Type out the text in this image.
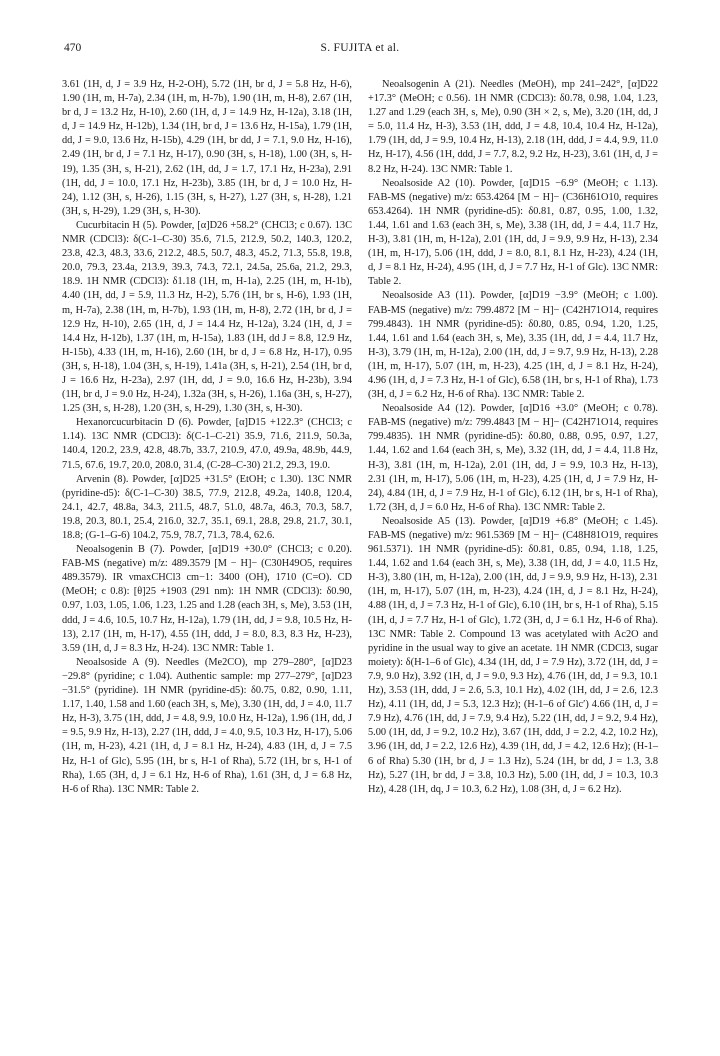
470	S. FUJITA et al.

3.61 (1H, d, J = 3.9 Hz, H-2-OH), 5.72 (1H, br d, J = 5.8 Hz, H-6), 1.90 (1H, m, H-7a), 2.34 (1H, m, H-7b), 1.90 (1H, m, H-8), 2.67 (1H, br d, J = 13.2 Hz, H-10), 2.60 (1H, d, J = 14.9 Hz, H-12a), 3.18 (1H, d, J = 14.9 Hz, H-12b), 1.34 (1H, br d, J = 13.6 Hz, H-15a), 1.79 (1H, dd, J = 9.0, 13.6 Hz, H-15b), 4.29 (1H, br dd, J = 7.1, 9.0 Hz, H-16), 2.49 (1H, br d, J = 7.1 Hz, H-17), 0.90 (3H, s, H-18), 1.00 (3H, s, H-19), 1.35 (3H, s, H-21), 2.62 (1H, dd, J = 1.7, 17.1 Hz, H-23a), 2.91 (1H, dd, J = 10.0, 17.1 Hz, H-23b), 3.85 (1H, br d, J = 10.0 Hz, H-24), 1.12 (3H, s, H-26), 1.15 (3H, s, H-27), 1.27 (3H, s, H-28), 1.21 (3H, s, H-29), 1.29 (3H, s, H-30).

Cucurbitacin H (5). Powder, [α]D26 +58.2° (CHCl3; c 0.67). 13C NMR (CDCl3): δ(C-1–C-30) 35.6, 71.5, 212.9, 50.2, 140.3, 120.2, 23.8, 42.3, 48.3, 33.6, 212.2, 48.5, 50.7, 48.3, 45.2, 71.3, 55.8, 19.8, 20.0, 79.3, 23.4a, 213.9, 39.3, 74.3, 72.1, 24.5a, 25.6a, 21.2, 29.3, 18.9. 1H NMR (CDCl3): δ1.18 (1H, m, H-1a), 2.25 (1H, m, H-1b), 4.40 (1H, dd, J = 5.9, 11.3 Hz, H-2), 5.76 (1H, br s, H-6), 1.93 (1H, m, H-7a), 2.38 (1H, m, H-7b), 1.93 (1H, m, H-8), 2.72 (1H, br d, J = 12.9 Hz, H-10), 2.65 (1H, d, J = 14.4 Hz, H-12a), 3.24 (1H, d, J = 14.4 Hz, H-12b), 1.37 (1H, m, H-15a), 1.83 (1H, dd J = 8.8, 12.9 Hz, H-15b), 4.33 (1H, m, H-16), 2.60 (1H, br d, J = 6.8 Hz, H-17), 0.95 (3H, s, H-18), 1.04 (3H, s, H-19), 1.41a (3H, s, H-21), 2.54 (1H, br d, J = 16.6 Hz, H-23a), 2.97 (1H, dd, J = 9.0, 16.6 Hz, H-23b), 3.94 (1H, br d, J = 9.0 Hz, H-24), 1.32a (3H, s, H-26), 1.16a (3H, s, H-27), 1.25 (3H, s, H-28), 1.20 (3H, s, H-29), 1.30 (3H, s, H-30).

Hexanorcucurbitacin D (6). Powder, [α]D15 +122.3° (CHCl3; c 1.14). 13C NMR (CDCl3): δ(C-1–C-21) 35.9, 71.6, 211.9, 50.3a, 140.4, 120.2, 23.9, 42.8, 48.7b, 33.7, 210.9, 47.0, 49.9a, 48.9b, 44.9, 71.5, 67.6, 19.7, 20.0, 208.0, 31.4, (C-28–C-30) 21.2, 29.3, 19.0.

Arvenin (8). Powder, [α]D25 +31.5° (EtOH; c 1.30). 13C NMR (pyridine-d5): δ(C-1–C-30) 38.5, 77.9, 212.8, 49.2a, 140.8, 120.4, 24.1, 42.7, 48.8a, 34.3, 211.5, 48.7, 51.0, 48.7a, 46.3, 70.3, 58.7, 19.8, 20.3, 80.1, 25.4, 216.0, 32.7, 35.1, 69.1, 28.8, 29.8, 21.7, 30.1, 18.8; (G-1–G-6) 104.2, 75.9, 78.7, 71.3, 78.4, 62.6.

Neoalsogenin B (7). Powder, [α]D19 +30.0° (CHCl3; c 0.20). FAB-MS (negative) m/z: 489.3579 [M − H]− (C30H49O5, requires 489.3579). IR νmaxCHCl3 cm−1: 3400 (OH), 1710 (C=O). CD (MeOH; c 0.8): [θ]25 +1903 (291 nm): 1H NMR (CDCl3): δ0.90, 0.97, 1.03, 1.05, 1.06, 1.23, 1.25 and 1.28 (each 3H, s, Me), 3.53 (1H, ddd, J = 4.6, 10.5, 10.7 Hz, H-12a), 1.79 (1H, dd, J = 9.8, 10.5 Hz, H-13), 2.17 (1H, m, H-17), 4.55 (1H, ddd, J = 8.0, 8.3, 8.3 Hz, H-23), 3.59 (1H, d, J = 8.3 Hz, H-24). 13C NMR: Table 1.

Neoalsoside A (9). Needles (Me2CO), mp 279–280°, [α]D23 −29.8° (pyridine; c 1.04). Authentic sample: mp 277–279°, [α]D23 −31.5° (pyridine). 1H NMR (pyridine-d5): δ0.75, 0.82, 0.90, 1.11, 1.17, 1.40, 1.58 and 1.60 (each 3H, s, Me), 3.30 (1H, dd, J = 4.0, 11.7 Hz, H-3), 3.75 (1H, ddd, J = 4.8, 9.9, 10.0 Hz, H-12a), 1.96 (1H, dd, J = 9.5, 9.9 Hz, H-13), 2.27 (1H, ddd, J = 4.0, 9.5, 10.3 Hz, H-17), 5.06 (1H, m, H-23), 4.21 (1H, d, J = 8.1 Hz, H-24), 4.83 (1H, d, J = 7.5 Hz, H-1 of Glc), 5.95 (1H, br s, H-1 of Rha), 5.72 (1H, br s, H-1 of Rha), 1.65 (3H, d, J = 6.1 Hz, H-6 of Rha), 1.61 (3H, d, J = 6.8 Hz, H-6 of Rha). 13C NMR: Table 2.

Neoalsogenin A (21). Needles (MeOH), mp 241–242°, [α]D22 +17.3° (MeOH; c 0.56). 1H NMR (CDCl3): δ0.78, 0.98, 1.04, 1.23, 1.27 and 1.29 (each 3H, s, Me), 0.90 (3H × 2, s, Me), 3.20 (1H, dd, J = 5.0, 11.4 Hz, H-3), 3.53 (1H, ddd, J = 4.8, 10.4, 10.4 Hz, H-12a), 1.79 (1H, dd, J = 9.9, 10.4 Hz, H-13), 2.18 (1H, ddd, J = 4.4, 9.9, 11.0 Hz, H-17), 4.56 (1H, ddd, J = 7.7, 8.2, 9.2 Hz, H-23), 3.61 (1H, d, J = 8.2 Hz, H-24). 13C NMR: Table 1.

Neoalsoside A2 (10). Powder, [α]D15 −6.9° (MeOH; c 1.13). FAB-MS (negative) m/z: 653.4264 [M − H]− (C36H61O10, requires 653.4264). 1H NMR (pyridine-d5): δ0.81, 0.87, 0.95, 1.00, 1.32, 1.44, 1.61 and 1.63 (each 3H, s, Me), 3.38 (1H, dd, J = 4.4, 11.7 Hz, H-3), 3.81 (1H, m, H-12a), 2.01 (1H, dd, J = 9.9, 9.9 Hz, H-13), 2.34 (1H, m, H-17), 5.06 (1H, ddd, J = 8.0, 8.1, 8.1 Hz, H-23), 4.24 (1H, d, J = 8.1 Hz, H-24), 4.95 (1H, d, J = 7.7 Hz, H-1 of Glc). 13C NMR: Table 2.

Neoalsoside A3 (11). Powder, [α]D19 −3.9° (MeOH; c 1.00). FAB-MS (negative) m/z: 799.4872 [M − H]− (C42H71O14, requires 799.4843). 1H NMR (pyridine-d5): δ0.80, 0.85, 0.94, 1.20, 1.25, 1.44, 1.61 and 1.64 (each 3H, s, Me), 3.35 (1H, dd, J = 4.4, 11.7 Hz, H-3), 3.79 (1H, m, H-12a), 2.00 (1H, dd, J = 9.7, 9.9 Hz, H-13), 2.28 (1H, m, H-17), 5.07 (1H, m, H-23), 4.25 (1H, d, J = 8.1 Hz, H-24), 4.96 (1H, d, J = 7.3 Hz, H-1 of Glc), 6.58 (1H, br s, H-1 of Rha), 1.73 (3H, d, J = 6.2 Hz, H-6 of Rha). 13C NMR: Table 2.

Neoalsoside A4 (12). Powder, [α]D16 +3.0° (MeOH; c 0.78). FAB-MS (negative) m/z: 799.4843 [M − H]− (C42H71O14, requires 799.4835). 1H NMR (pyridine-d5): δ0.80, 0.88, 0.95, 0.97, 1.27, 1.44, 1.62 and 1.64 (each 3H, s, Me), 3.32 (1H, dd, J = 4.4, 11.8 Hz, H-3), 3.81 (1H, m, H-12a), 2.01 (1H, dd, J = 9.9, 10.3 Hz, H-13), 2.31 (1H, m, H-17), 5.06 (1H, m, H-23), 4.25 (1H, d, J = 7.9 Hz, H-24), 4.84 (1H, d, J = 7.9 Hz, H-1 of Glc), 6.12 (1H, br s, H-1 of Rha), 1.72 (3H, d, J = 6.0 Hz, H-6 of Rha). 13C NMR: Table 2.

Neoalsoside A5 (13). Powder, [α]D19 +6.8° (MeOH; c 1.45). FAB-MS (negative) m/z: 961.5369 [M − H]− (C48H81O19, requires 961.5371). 1H NMR (pyridine-d5): δ0.81, 0.85, 0.94, 1.18, 1.25, 1.44, 1.62 and 1.64 (each 3H, s, Me), 3.38 (1H, dd, J = 4.0, 11.5 Hz, H-3), 3.80 (1H, m, H-12a), 2.00 (1H, dd, J = 9.9, 9.9 Hz, H-13), 2.31 (1H, m, H-17), 5.07 (1H, m, H-23), 4.24 (1H, d, J = 8.1 Hz, H-24), 4.88 (1H, d, J = 7.3 Hz, H-1 of Glc), 6.10 (1H, br s, H-1 of Rha), 5.15 (1H, d, J = 7.7 Hz, H-1 of Glc), 1.72 (3H, d, J = 6.1 Hz, H-6 of Rha). 13C NMR: Table 2. Compound 13 was acetylated with Ac2O and pyridine in the usual way to give an acetate. 1H NMR (CDCl3, sugar moiety): δ(H-1–6 of Glc), 4.34 (1H, dd, J = 7.9 Hz), 3.72 (1H, dd, J = 7.9, 9.0 Hz), 3.92 (1H, d, J = 9.0, 9.3 Hz), 4.76 (1H, dd, J = 9.3, 10.1 Hz), 3.53 (1H, ddd, J = 2.6, 5.3, 10.1 Hz), 4.02 (1H, dd, J = 2.6, 12.3 Hz), 4.11 (1H, dd, J = 5.3, 12.3 Hz); (H-1–6 of Glc′) 4.66 (1H, d, J = 7.9 Hz), 4.76 (1H, dd, J = 7.9, 9.4 Hz), 5.22 (1H, dd, J = 9.2, 9.4 Hz), 5.00 (1H, dd, J = 9.2, 10.2 Hz), 3.67 (1H, ddd, J = 2.2, 4.2, 10.2 Hz), 3.96 (1H, dd, J = 2.2, 12.6 Hz), 4.39 (1H, dd, J = 4.2, 12.6 Hz); (H-1–6 of Rha) 5.30 (1H, br d, J = 1.3 Hz), 5.24 (1H, br dd, J = 1.3, 3.8 Hz), 5.27 (1H, br dd, J = 3.8, 10.3 Hz), 5.00 (1H, dd, J = 10.3, 10.3 Hz), 4.28 (1H, dq, J = 10.3, 6.2 Hz), 1.08 (3H, d, J = 6.2 Hz).
